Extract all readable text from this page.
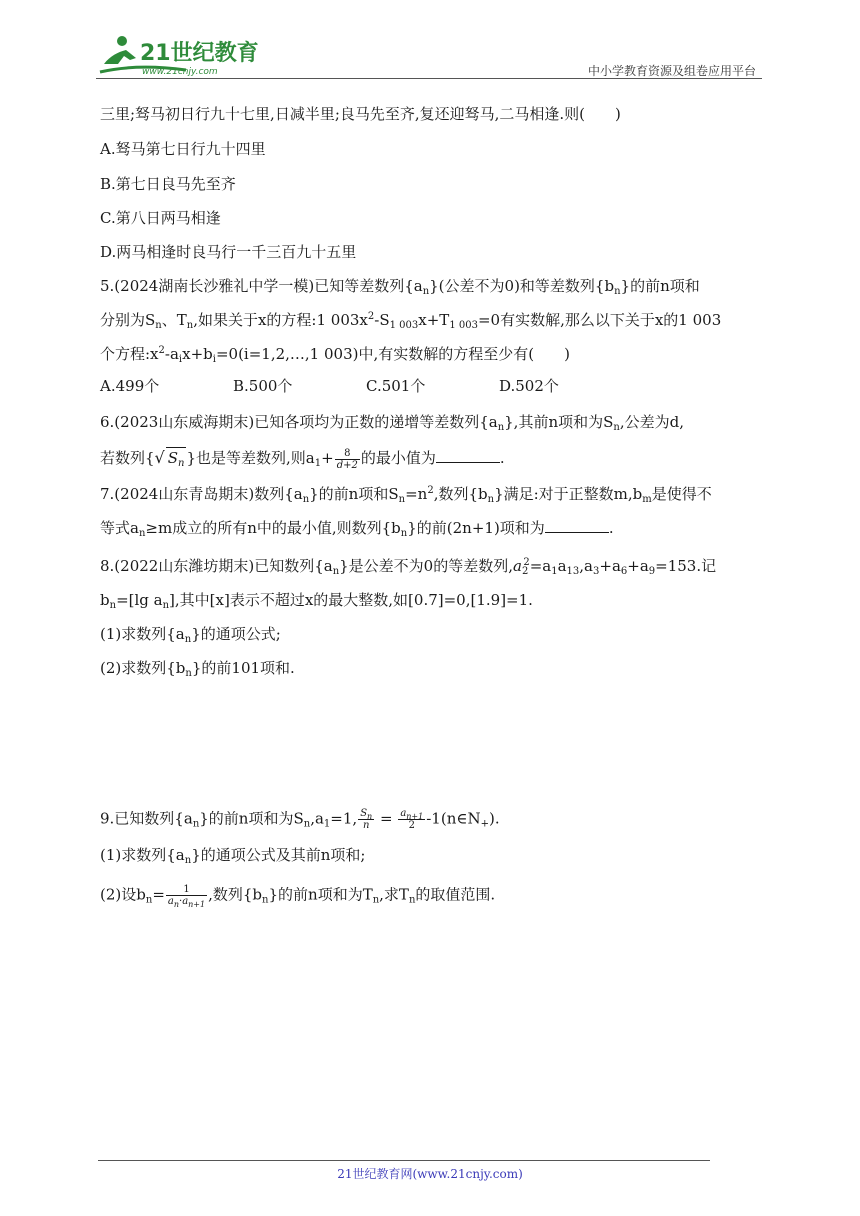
21世纪教育
www.21cnjy.com	中小学教育资源及组卷应用平台
三里;驽马初日行九十七里,日减半里;良马先至齐,复还迎驽马,二马相逢.则(　　)
A.驽马第七日行九十四里
B.第七日良马先至齐
C.第八日两马相逢
D.两马相逢时良马行一千三百九十五里
5.(2024湖南长沙雅礼中学一模)已知等差数列$\{a_n\}$(公差不为0)和等差数列$\{b_n\}$的前n项和
分别为$S_n$、$T_n$,如果关于x的方程:1 $003x^2-S_{1 003}x+T_{1 003}=0$有实数解,那么以下关于x的1 003
个方程$:x^2-a_ix+b_i=0(i=1,2,\dots,1$ 003)中,有实数解的方程至少有(　　)
A.499个	B.500个	C.501个	D.502个
6.(2023山东威海期末)已知各项均为正数的递增等差数列$\{a_n\}$,其前n项和为$S_n$,公差为d,
若数列{√ $S_n$ }也是等差数列,则$a_1+ \frac{8}{d+2}$ 的最小值为	.
7.(2024山东青岛期末)数列$\{a_n\}$的前n项和$S_n=n^2$,数列$\{b_n\}$满足:对于正整数$m,b_m$是使得不
等式$a_n\ge m$成立的所有n中的最小值,则数列$\{b_n\}$的前(2n+1)项和为	.
8.(2022山东潍坊期末)已知数列$\{a_n\}$是公差不为0的等差数列$,a_2^2=a_1a_{13},a_3+a_6+a_9=153$.记
$b_n=[\lg$ $a_n$],其中[x]表示不超过x的最大整数,如[0.7]=0,[1.9]=1.
(1)求数列$\{a_n\}$的通项公式;
(2)求数列$\{b_n\}$的前101项和.
9.已知数列$\{a_n\}$的前n项和为$S_n,a_1=1$, $\frac{S_n}{n} = \frac{a_{n+1}}{2}$ $-1(n\in N_+)$.
(1)求数列$\{a_n\}$的通项公式及其前n项和;
(2)设$b_n= \frac{1}{a_n\cdot a_{n+1}}$ ,数列$\{b_n\}$的前n项和为$T_n$,求$T_n$的取值范围.
21世纪教育网(www.21cnjy.com)
